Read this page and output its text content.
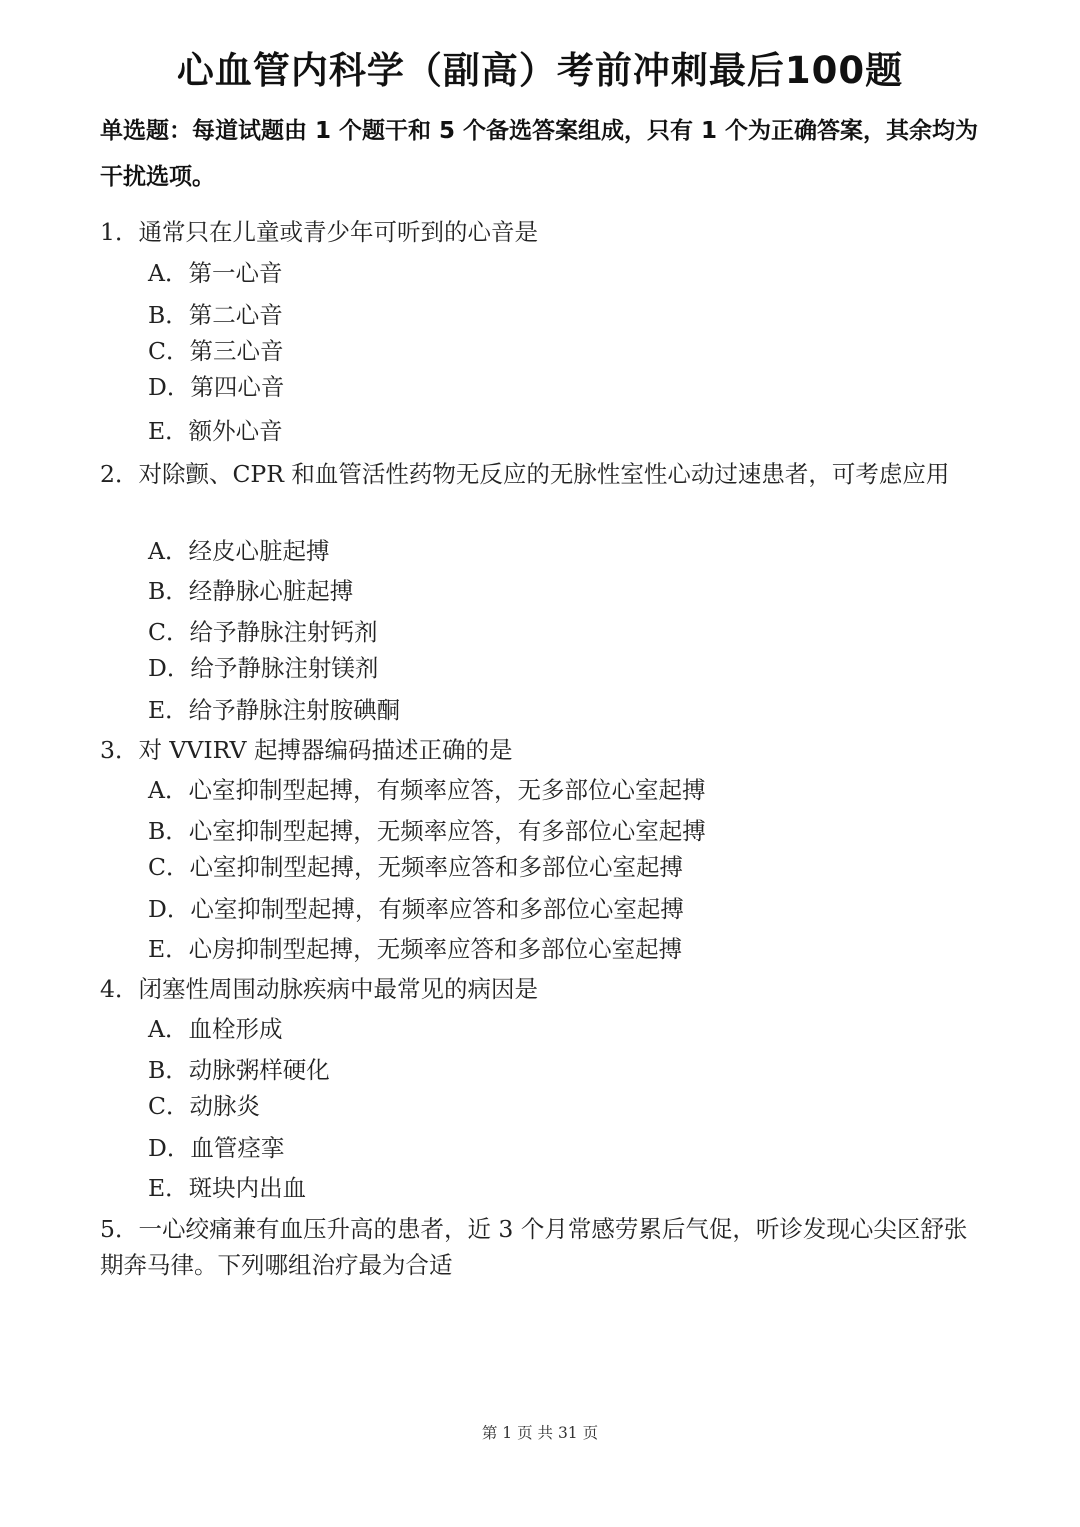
心血管内科学（副高）考前冲刺最后100题
单选题：每道试题由 1 个题干和 5 个备选答案组成，只有 1 个为正确答案，其余均为干扰选项。
1．通常只在儿童或青少年可听到的心音是
A．第一心音
B．第二心音
C．第三心音
D．第四心音
E．额外心音
2．对除颤、CPR 和血管活性药物无反应的无脉性室性心动过速患者，可考虑应用
A．经皮心脏起搏
B．经静脉心脏起搏
C．给予静脉注射钙剂
D．给予静脉注射镁剂
E．给予静脉注射胺碘酮
3．对 VVIRV 起搏器编码描述正确的是
A．心室抑制型起搏，有频率应答，无多部位心室起搏
B．心室抑制型起搏，无频率应答，有多部位心室起搏
C．心室抑制型起搏，无频率应答和多部位心室起搏
D．心室抑制型起搏，有频率应答和多部位心室起搏
E．心房抑制型起搏，无频率应答和多部位心室起搏
4．闭塞性周围动脉疾病中最常见的病因是
A．血栓形成
B．动脉粥样硬化
C．动脉炎
D．血管痉挛
E．斑块内出血
5．一心绞痛兼有血压升高的患者，近 3 个月常感劳累后气促，听诊发现心尖区舒张期奔马律。下列哪组治疗最为合适
第 1 页 共 31 页
